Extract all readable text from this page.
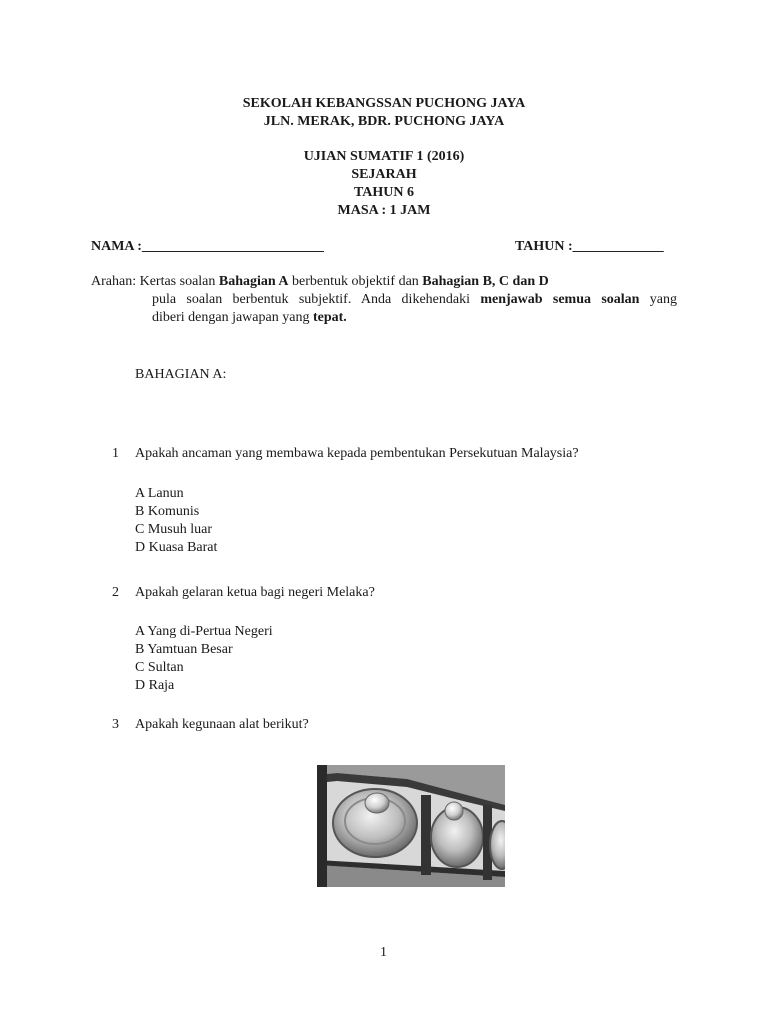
SEKOLAH KEBANGSSAN PUCHONG JAYA
JLN. MERAK, BDR. PUCHONG JAYA
UJIAN SUMATIF 1 (2016)
SEJARAH
TAHUN 6
MASA : 1 JAM
NAMA :__________________________	TAHUN :_____________
Arahan: Kertas soalan Bahagian A berbentuk objektif dan Bahagian B, C dan D
pula soalan berbentuk subjektif. Anda dikehendaki menjawab semua soalan yang
diberi dengan jawapan yang tepat.
BAHAGIAN A:
1 Apakah ancaman yang membawa kepada pembentukan Persekutuan Malaysia?
A Lanun
B Komunis
C Musuh luar
D Kuasa Barat
2 Apakah gelaran ketua bagi negeri Melaka?
A Yang di-Pertua Negeri
B Yamtuan Besar
C Sultan
D Raja
3 Apakah kegunaan alat berikut?
1
